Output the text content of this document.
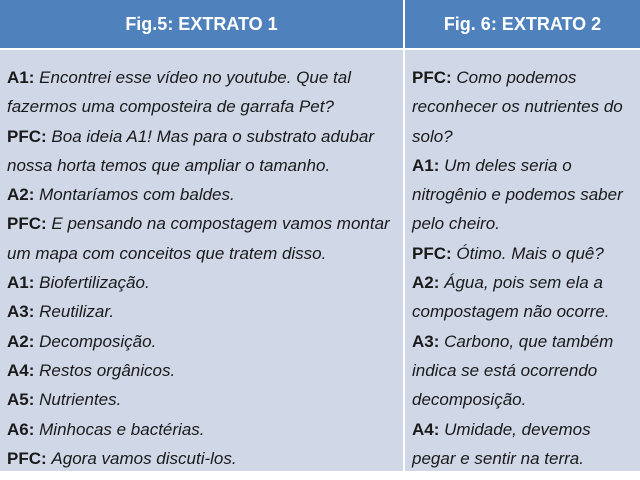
Fig.5: EXTRATO 1
A1: Encontrei esse vídeo no youtube. Que tal fazermos uma composteira de garrafa Pet?
PFC: Boa ideia A1! Mas para o substrato adubar nossa horta temos que ampliar o tamanho.
A2: Montaríamos com baldes.
PFC: E pensando na compostagem vamos montar um mapa com conceitos que tratem disso.
A1: Biofertilização.
A3: Reutilizar.
A2: Decomposição.
A4: Restos orgânicos.
A5: Nutrientes.
A6: Minhocas e bactérias.
PFC: Agora vamos discuti-los.
Fig. 6: EXTRATO 2
PFC: Como podemos reconhecer os nutrientes do solo?
A1: Um deles seria o nitrogênio e podemos saber pelo cheiro.
PFC: Ótimo. Mais o quê?
A2: Água, pois sem ela a compostagem não ocorre.
A3: Carbono, que também indica se está ocorrendo decomposição.
A4: Umidade, devemos pegar e sentir na terra.
